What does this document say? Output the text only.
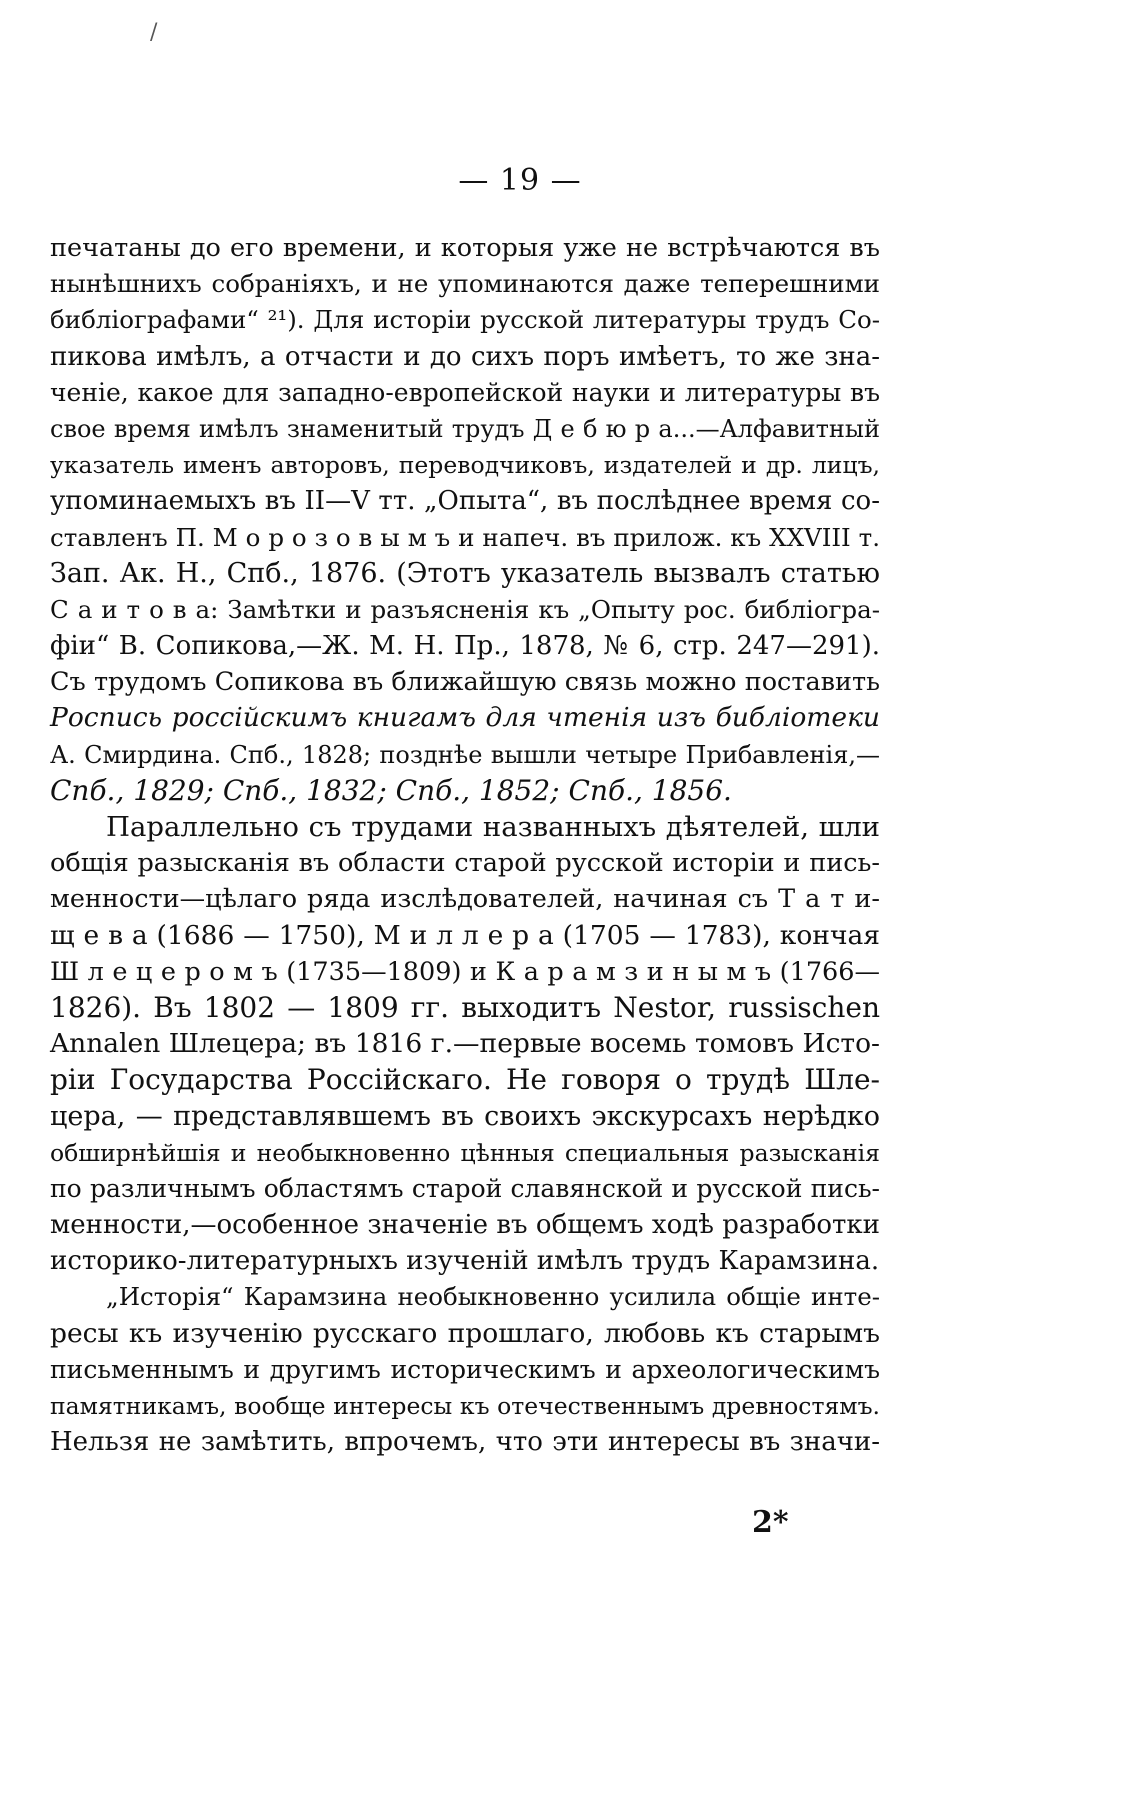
/
— 19 —
печатаны до его времени, и которыя уже не встрѣчаются въ
нынѣшнихъ собраніяхъ, и не упоминаются даже теперешними
библіографами“ ²¹). Для исторіи русской литературы трудъ Со-
пикова имѣлъ, а отчасти и до сихъ поръ имѣетъ, то же зна-
ченіе, какое для западно-европейской науки и литературы въ
свое время имѣлъ знаменитый трудъ Д е б ю р а...—Алфавитный
указатель именъ авторовъ, переводчиковъ, издателей и др. лицъ,
упоминаемыхъ въ II—V тт. „Опыта“, въ послѣднее время со-
ставленъ П. М о р о з о в ы м ъ и напеч. въ прилож. къ XXVIII т.
Зап. Ак. Н., Спб., 1876. (Этотъ указатель вызвалъ статью
С а и т о в а: Замѣтки и разъясненія къ „Опыту рос. библіогра-
фіи“ В. Сопикова,—Ж. М. Н. Пр., 1878, № 6, стр. 247—291).
Съ трудомъ Сопикова въ ближайшую связь можно поставить
Роспись россійскимъ книгамъ для чтенія изъ библіотеки
А. Смирдина. Спб., 1828; позднѣе вышли четыре Прибавленія,—
Спб., 1829; Спб., 1832; Спб., 1852; Спб., 1856.
Параллельно съ трудами названныхъ дѣятелей, шли
общія разысканія въ области старой русской исторіи и пись-
менности—цѣлаго ряда изслѣдователей, начиная съ Т а т и-
щ е в а (1686 — 1750), М и л л е р а (1705 — 1783), кончая
Ш л е ц е р о м ъ (1735—1809) и К а р а м з и н ы м ъ (1766—
1826). Въ 1802 — 1809 гг. выходитъ Nestor, russischen
Annalen Шлецера; въ 1816 г.—первые восемь томовъ Исто-
ріи Государства Россійскаго. Не говоря о трудѣ Шле-
цера, — представлявшемъ въ своихъ экскурсахъ нерѣдко
обширнѣйшія и необыкновенно цѣнныя специальныя разысканія
по различнымъ областямъ старой славянской и русской пись-
менности,—особенное значеніе въ общемъ ходѣ разработки
историко-литературныхъ изученій имѣлъ трудъ Карамзина.
„Исторія“ Карамзина необыкновенно усилила общіе инте-
ресы къ изученію русскаго прошлаго, любовь къ старымъ
письменнымъ и другимъ историческимъ и археологическимъ
памятникамъ, вообще интересы къ отечественнымъ древностямъ.
Нельзя не замѣтить, впрочемъ, что эти интересы въ значи-
2*
